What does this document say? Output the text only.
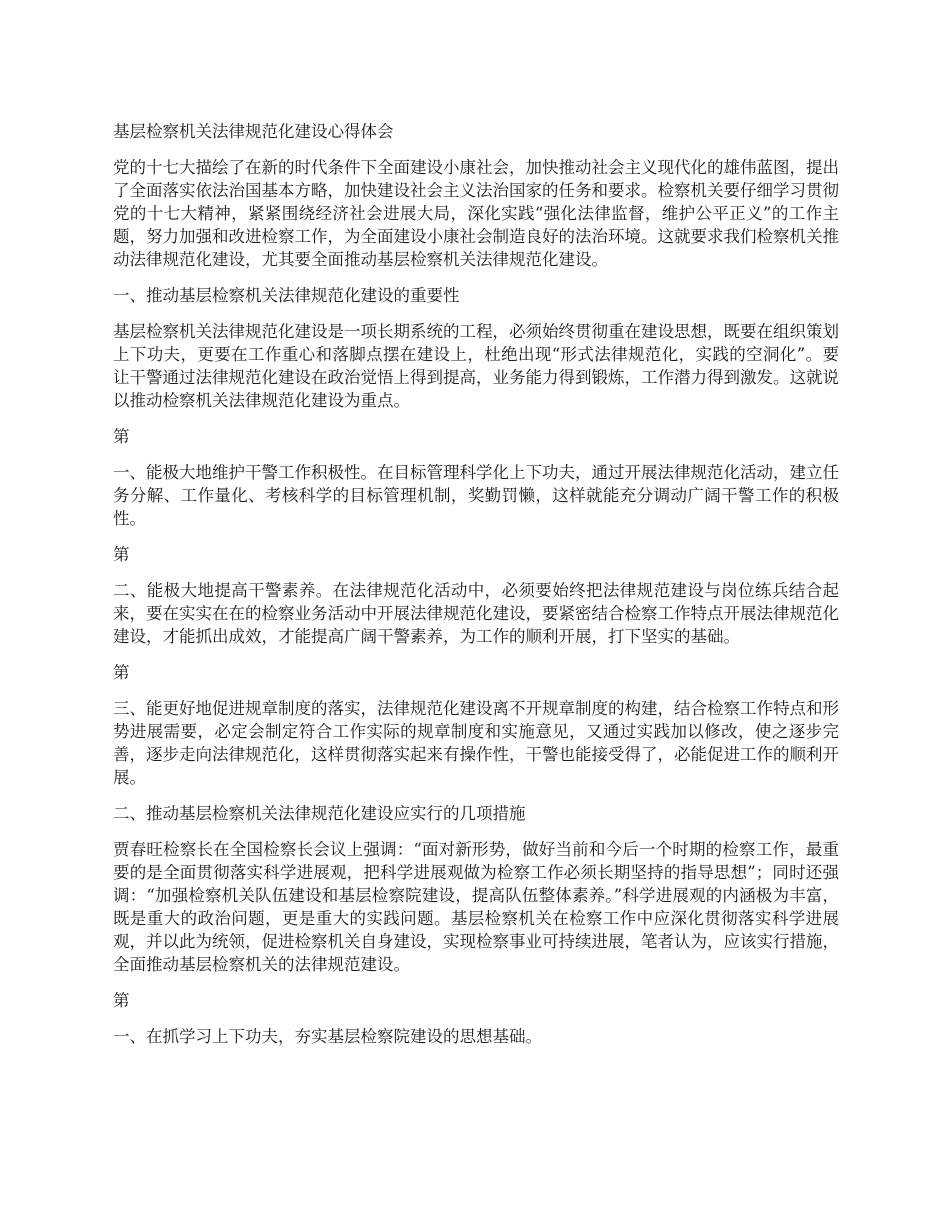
基层检察机关法律规范化建设心得体会

党的十七大描绘了在新的时代条件下全面建设小康社会，加快推动社会主义现代化的雄伟蓝图，提出了全面落实依法治国基本方略，加快建设社会主义法治国家的任务和要求。检察机关要仔细学习贯彻党的十七大精神，紧紧围绕经济社会进展大局，深化实践“强化法律监督，维护公平正义”的工作主题，努力加强和改进检察工作，为全面建设小康社会制造良好的法治环境。这就要求我们检察机关推动法律规范化建设，尤其要全面推动基层检察机关法律规范化建设。

一、推动基层检察机关法律规范化建设的重要性

基层检察机关法律规范化建设是一项长期系统的工程，必须始终贯彻重在建设思想，既要在组织策划上下功夫，更要在工作重心和落脚点摆在建设上，杜绝出现“形式法律规范化，实践的空洞化”。要让干警通过法律规范化建设在政治觉悟上得到提高，业务能力得到锻炼，工作潜力得到激发。这就说以推动检察机关法律规范化建设为重点。

第

一、能极大地维护干警工作积极性。在目标管理科学化上下功夫，通过开展法律规范化活动，建立任务分解、工作量化、考核科学的目标管理机制，奖勤罚懒，这样就能充分调动广阔干警工作的积极性。

第

二、能极大地提高干警素养。在法律规范化活动中，必须要始终把法律规范建设与岗位练兵结合起来，要在实实在在的检察业务活动中开展法律规范化建设，要紧密结合检察工作特点开展法律规范化建设，才能抓出成效，才能提高广阔干警素养，为工作的顺利开展，打下坚实的基础。

第

三、能更好地促进规章制度的落实，法律规范化建设离不开规章制度的构建，结合检察工作特点和形势进展需要，必定会制定符合工作实际的规章制度和实施意见，又通过实践加以修改，使之逐步完善，逐步走向法律规范化，这样贯彻落实起来有操作性，干警也能接受得了，必能促进工作的顺利开展。

二、推动基层检察机关法律规范化建设应实行的几项措施

贾春旺检察长在全国检察长会议上强调：“面对新形势，做好当前和今后一个时期的检察工作，最重要的是全面贯彻落实科学进展观，把科学进展观做为检察工作必须长期坚持的指导思想”；同时还强调：“加强检察机关队伍建设和基层检察院建设，提高队伍整体素养。”科学进展观的内涵极为丰富，既是重大的政治问题，更是重大的实践问题。基层检察机关在检察工作中应深化贯彻落实科学进展观，并以此为统领，促进检察机关自身建设，实现检察事业可持续进展，笔者认为，应该实行措施，全面推动基层检察机关的法律规范建设。

第

一、在抓学习上下功夫，夯实基层检察院建设的思想基础。
